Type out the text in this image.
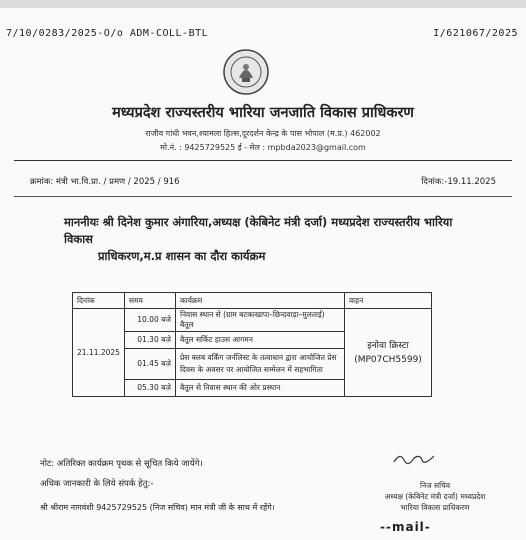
7/10/0283/2025-O/o ADM-COLL-BTL	I/621067/2025
मध्यप्रदेश राज्यस्तरीय भारिया जनजाति विकास प्राधिकरण
राजीव गांधी भवन,श्यामला हिल्स,दूरदर्शन केन्द्र के पास भोपाल (म.प्र.) 462002
मो.नं. : 9425729525 ई - मेल : mpbda2023@gmail.com
क्रमांक: मंत्री भा.वि.प्रा. / प्रमण / 2025 / 916	दिनांक:-19.11.2025
माननीयः श्री दिनेश कुमार अंगारिया,अध्यक्ष (केबिनेट मंत्री दर्जा) मध्यप्रदेश राज्यस्तरीय भारिया
विकास
प्राधिकरण,म.प्र शासन का दौरा कार्यक्रम
दिनांक	समय	कार्यक्रम	वाहन
21.11.2025	10.00 बजे	निवास स्थान से (ग्राम बटकाखापा–छिन्दवाड़ा–मुलताई) बैतूल	इनोवा क्रिस्टा
(MP07CH5599)

	01.30 बजे	बैतूल सर्किट हाउस आगमन	
	01.45 बजे	प्रेस क्लब वर्किंग जर्नलिस्ट के तत्वाधान द्वारा आयोजित प्रेस दिवस के अवसर पर आयोजित सम्मेलन में सहभागिता	
	05.30 बजे	बैतूल से निवास स्थान की ओर प्रस्थान	
नोट: अतिरिक्त कार्यक्रम पृथक से सूचित किये जायेंगे।
अधिक जानकारी के लिये संपर्क हेतु:-
श्री श्रीराम नागवंशी 9425729525 (निज सचिव) मान मंत्री जी के साथ में रहेंगे।
निज सचिव
अध्यक्ष (केबिनेट मंत्री दर्जा) मध्यप्रदेश
भारिया विकास प्राधिकरण
--mail-
